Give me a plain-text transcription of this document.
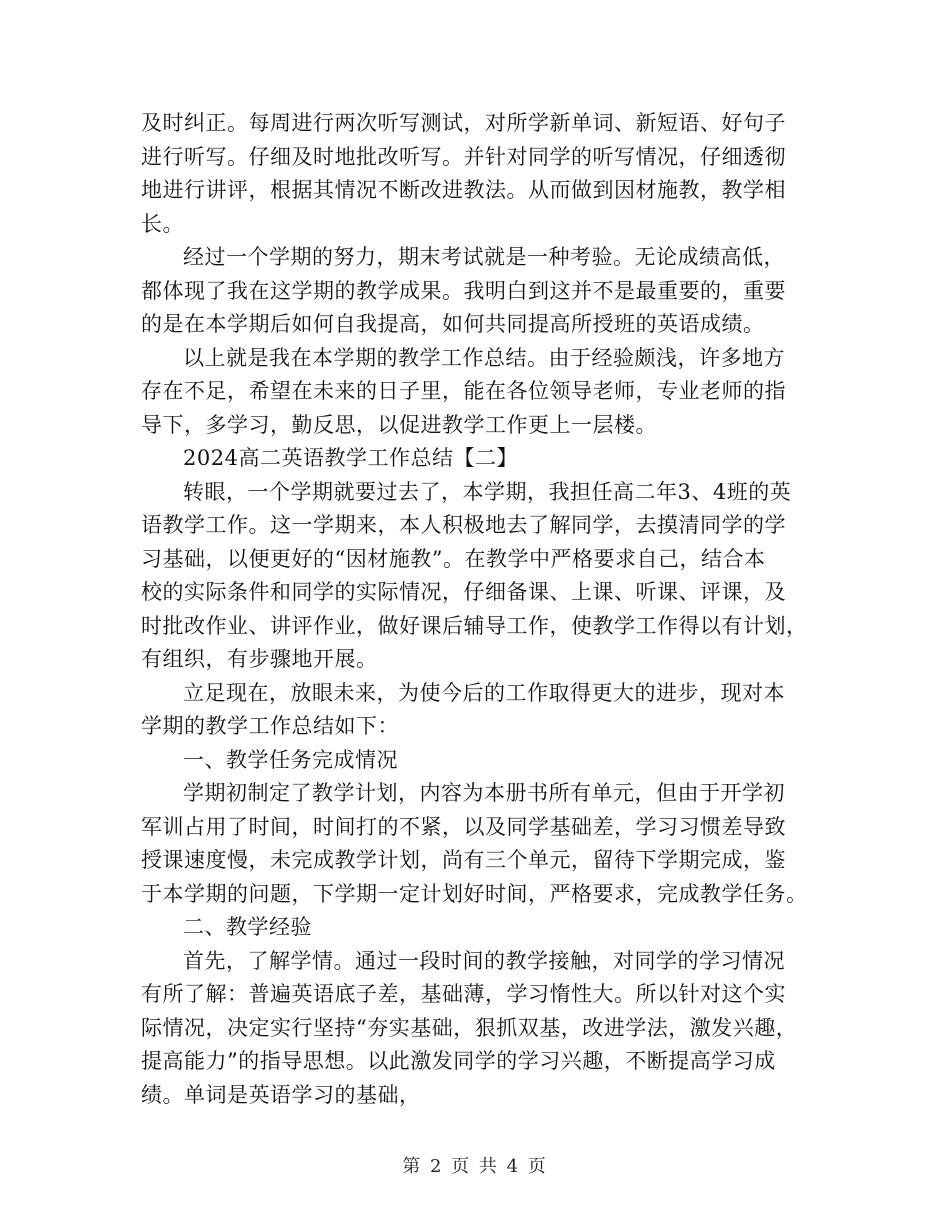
及时纠正。每周进行两次听写测试，对所学新单词、新短语、好句子
进行听写。仔细及时地批改听写。并针对同学的听写情况，仔细透彻
地进行讲评，根据其情况不断改进教法。从而做到因材施教，教学相
长。
经过一个学期的努力，期末考试就是一种考验。无论成绩高低，
都体现了我在这学期的教学成果。我明白到这并不是最重要的，重要
的是在本学期后如何自我提高，如何共同提高所授班的英语成绩。
以上就是我在本学期的教学工作总结。由于经验颇浅，许多地方
存在不足，希望在未来的日子里，能在各位领导老师，专业老师的指
导下，多学习，勤反思，以促进教学工作更上一层楼。
2024高二英语教学工作总结【二】
转眼，一个学期就要过去了，本学期，我担任高二年3、4班的英
语教学工作。这一学期来，本人积极地去了解同学，去摸清同学的学
习基础，以便更好的“因材施教”。在教学中严格要求自己，结合本
校的实际条件和同学的实际情况，仔细备课、上课、听课、评课，及
时批改作业、讲评作业，做好课后辅导工作，使教学工作得以有计划，
有组织，有步骤地开展。
立足现在，放眼未来，为使今后的工作取得更大的进步，现对本
学期的教学工作总结如下：
一、教学任务完成情况
学期初制定了教学计划，内容为本册书所有单元，但由于开学初
军训占用了时间，时间打的不紧，以及同学基础差，学习习惯差导致
授课速度慢，未完成教学计划，尚有三个单元，留待下学期完成，鉴
于本学期的问题，下学期一定计划好时间，严格要求，完成教学任务。
二、教学经验
首先，了解学情。通过一段时间的教学接触，对同学的学习情况
有所了解：普遍英语底子差，基础薄，学习惰性大。所以针对这个实
际情况，决定实行坚持“夯实基础，狠抓双基，改进学法，激发兴趣，
提高能力”的指导思想。以此激发同学的学习兴趣，不断提高学习成
绩。单词是英语学习的基础，
第 2 页 共 4 页
